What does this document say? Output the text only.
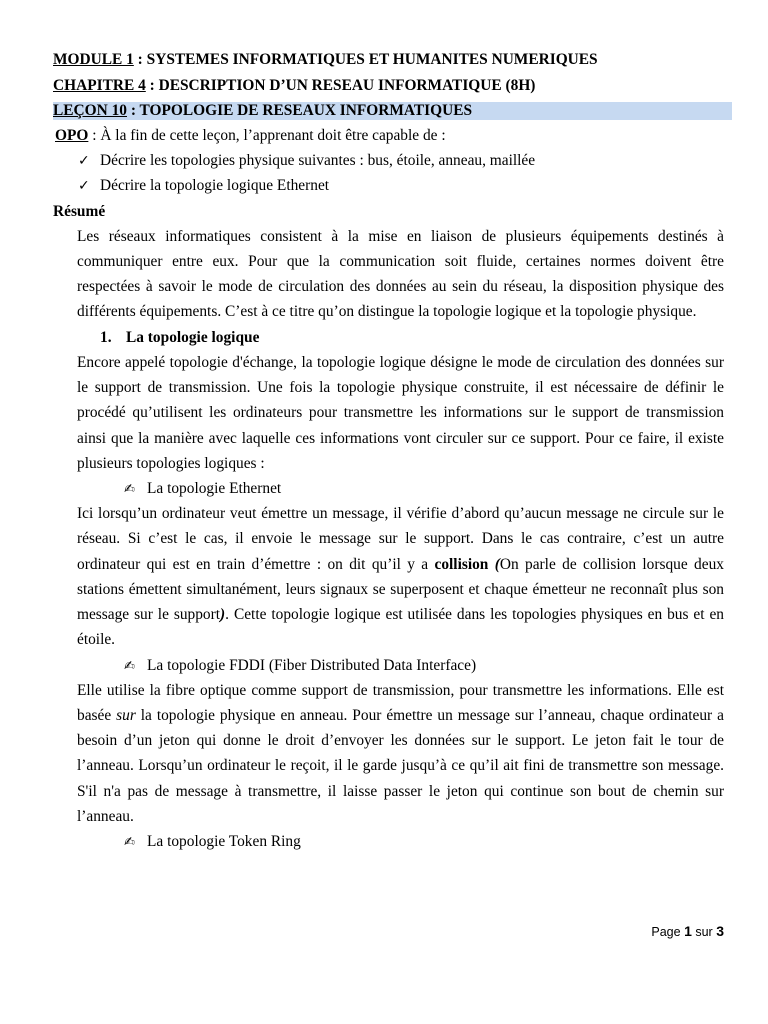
MODULE 1 : SYSTEMES INFORMATIQUES ET HUMANITES NUMERIQUES
CHAPITRE 4 : DESCRIPTION D’UN RESEAU INFORMATIQUE (8H)
LEÇON 10 : TOPOLOGIE DE RESEAUX INFORMATIQUES
OPO : À la fin de cette leçon, l’apprenant doit être capable de :
✓ Décrire les topologies physique suivantes : bus, étoile, anneau, maillée
✓ Décrire la topologie logique Ethernet
Résumé
Les réseaux informatiques consistent à la mise en liaison de plusieurs équipements destinés à
communiquer entre eux. Pour que la communication soit fluide, certaines normes doivent être
respectées à savoir le mode de circulation des données au sein du réseau, la disposition physique des
différents équipements. C’est à ce titre qu’on distingue la topologie logique et la topologie physique.
1. La topologie logique
Encore appelé topologie d'échange, la topologie logique désigne le mode de circulation des données sur
le support de transmission. Une fois la topologie physique construite, il est nécessaire de définir le
procédé qu’utilisent les ordinateurs pour transmettre les informations sur le support de transmission
ainsi que la manière avec laquelle ces informations vont circuler sur ce support. Pour ce faire, il existe
plusieurs topologies logiques :
✍ La topologie Ethernet
Ici lorsqu’un ordinateur veut émettre un message, il vérifie d’abord qu’aucun message ne circule sur le
réseau. Si c’est le cas, il envoie le message sur le support. Dans le cas contraire, c’est un autre
ordinateur qui est en train d’émettre : on dit qu’il y a collision (On parle de collision lorsque deux
stations émettent simultanément, leurs signaux se superposent et chaque émetteur ne reconnaît plus son
message sur le support). Cette topologie logique est utilisée dans les topologies physiques en bus et en
étoile.
✍ La topologie FDDI (Fiber Distributed Data Interface)
Elle utilise la fibre optique comme support de transmission, pour transmettre les informations. Elle est
basée sur la topologie physique en anneau. Pour émettre un message sur l’anneau, chaque ordinateur a
besoin d’un jeton qui donne le droit d’envoyer les données sur le support. Le jeton fait le tour de
l’anneau. Lorsqu’un ordinateur le reçoit, il le garde jusqu’à ce qu’il ait fini de transmettre son message.
S'il n'a pas de message à transmettre, il laisse passer le jeton qui continue son bout de chemin sur
l’anneau.
✍ La topologie Token Ring
Page 1 sur 3
